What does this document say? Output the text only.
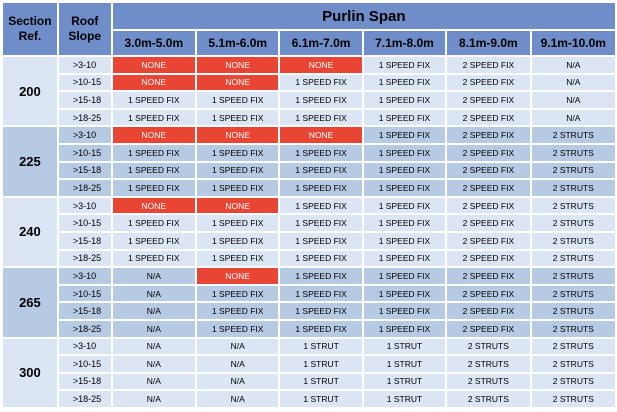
Section Ref.	Roof Slope	Purlin Span					
		3.0m-5.0m	5.1m-6.0m	6.1m-7.0m	7.1m-8.0m	8.1m-9.0m	9.1m-10.0m
200	>3-10	NONE	NONE	NONE	1 SPEED FIX	2 SPEED FIX	N/A
	>10-15	NONE	NONE	1 SPEED FIX	1 SPEED FIX	2 SPEED FIX	N/A
	>15-18	1 SPEED FIX	1 SPEED FIX	1 SPEED FIX	1 SPEED FIX	2 SPEED FIX	N/A
	>18-25	1 SPEED FIX	1 SPEED FIX	1 SPEED FIX	1 SPEED FIX	2 SPEED FIX	N/A
225	>3-10	NONE	NONE	NONE	1 SPEED FIX	2 SPEED FIX	2 STRUTS
	>10-15	1 SPEED FIX	1 SPEED FIX	1 SPEED FIX	1 SPEED FIX	2 SPEED FIX	2 STRUTS
	>15-18	1 SPEED FIX	1 SPEED FIX	1 SPEED FIX	1 SPEED FIX	2 SPEED FIX	2 STRUTS
	>18-25	1 SPEED FIX	1 SPEED FIX	1 SPEED FIX	1 SPEED FIX	2 SPEED FIX	2 STRUTS
240	>3-10	NONE	NONE	1 SPEED FIX	1 SPEED FIX	2 SPEED FIX	2 STRUTS
	>10-15	1 SPEED FIX	1 SPEED FIX	1 SPEED FIX	1 SPEED FIX	2 SPEED FIX	2 STRUTS
	>15-18	1 SPEED FIX	1 SPEED FIX	1 SPEED FIX	1 SPEED FIX	2 SPEED FIX	2 STRUTS
	>18-25	1 SPEED FIX	1 SPEED FIX	1 SPEED FIX	1 SPEED FIX	2 SPEED FIX	2 STRUTS
265	>3-10	N/A	NONE	1 SPEED FIX	1 SPEED FIX	2 SPEED FIX	2 STRUTS
	>10-15	N/A	1 SPEED FIX	1 SPEED FIX	1 SPEED FIX	2 SPEED FIX	2 STRUTS
	>15-18	N/A	1 SPEED FIX	1 SPEED FIX	1 SPEED FIX	2 SPEED FIX	2 STRUTS
	>18-25	N/A	1 SPEED FIX	1 SPEED FIX	1 SPEED FIX	2 SPEED FIX	2 STRUTS
300	>3-10	N/A	N/A	1 STRUT	1 STRUT	2 STRUTS	2 STRUTS
	>10-15	N/A	N/A	1 STRUT	1 STRUT	2 STRUTS	2 STRUTS
	>15-18	N/A	N/A	1 STRUT	1 STRUT	2 STRUTS	2 STRUTS
	>18-25	N/A	N/A	1 STRUT	1 STRUT	2 STRUTS	2 STRUTS
